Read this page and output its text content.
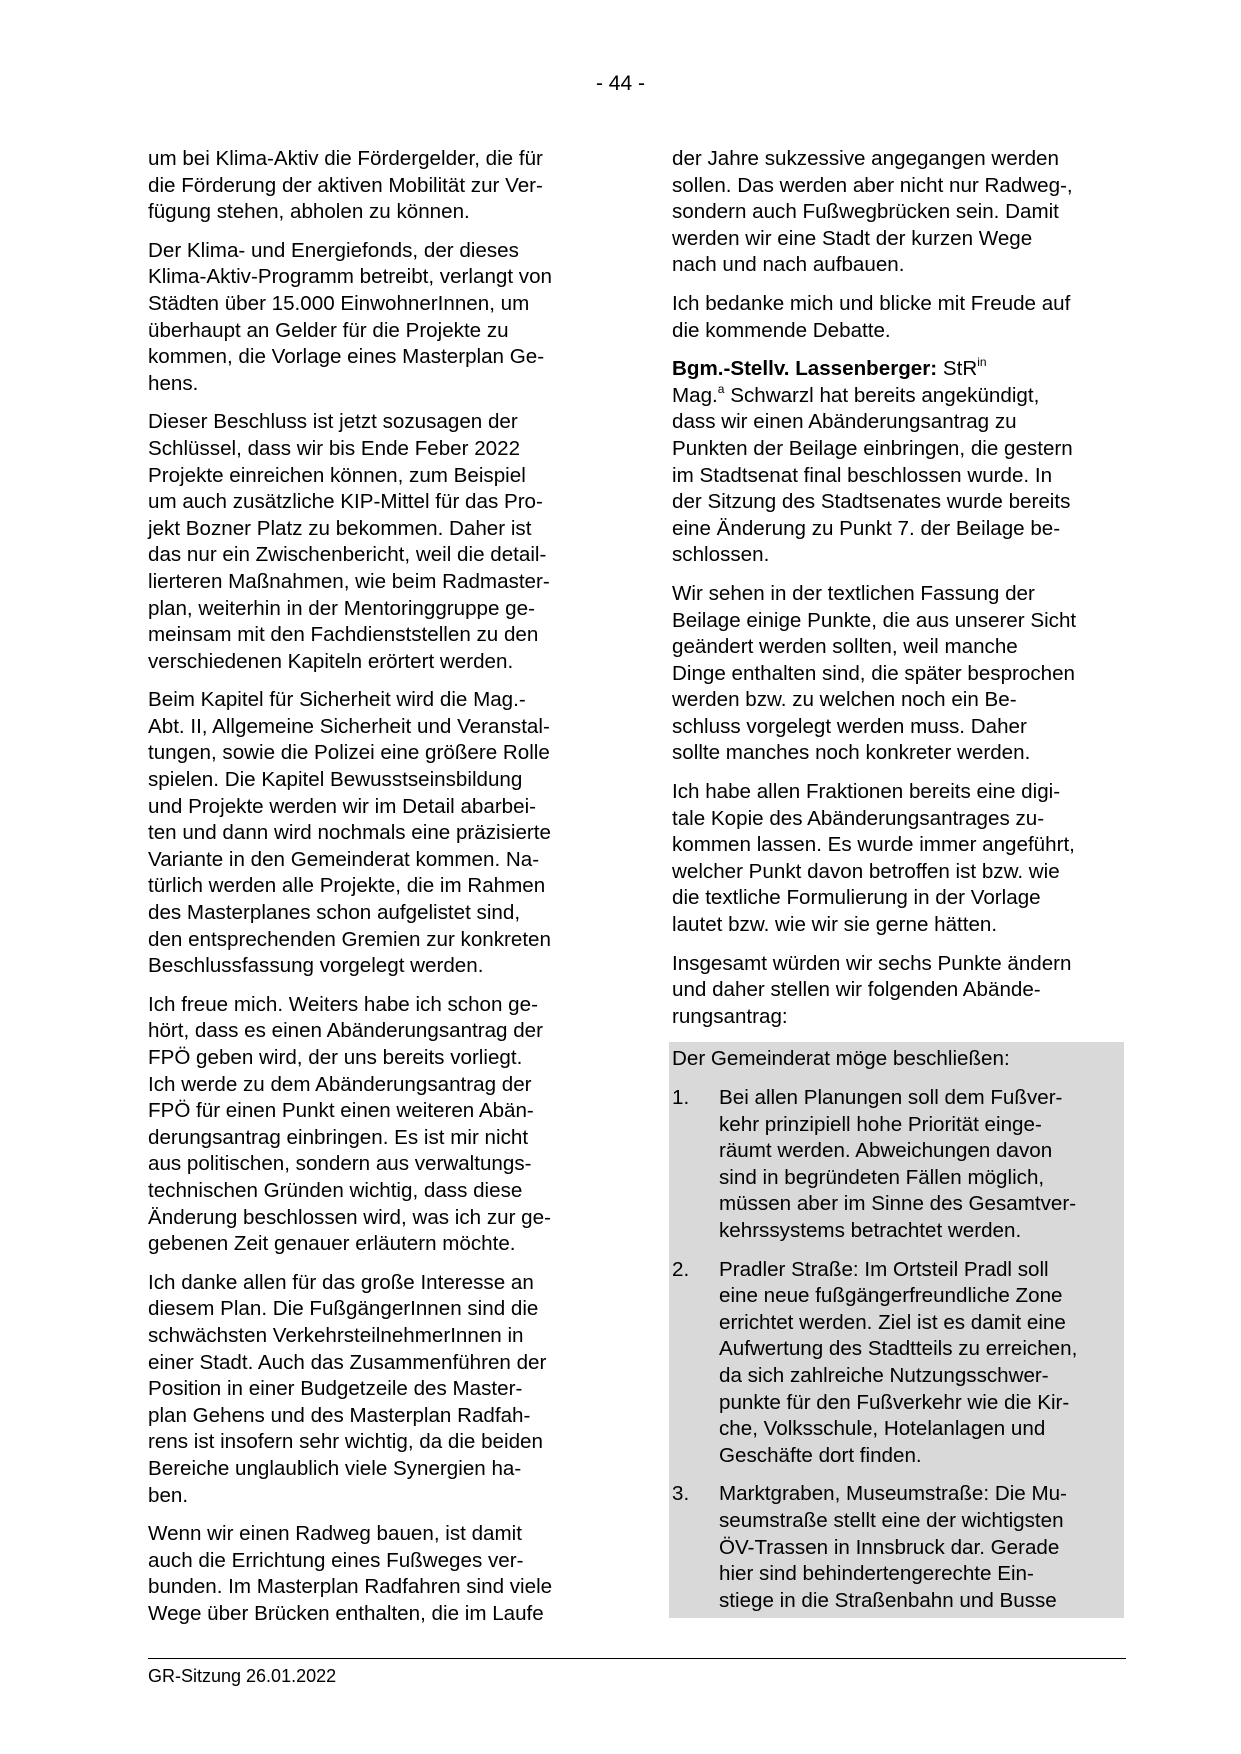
- 44 -
um bei Klima-Aktiv die Fördergelder, die für
die Förderung der aktiven Mobilität zur Ver-
fügung stehen, abholen zu können.
Der Klima- und Energiefonds, der dieses
Klima-Aktiv-Programm betreibt, verlangt von
Städten über 15.000 EinwohnerInnen, um
überhaupt an Gelder für die Projekte zu
kommen, die Vorlage eines Masterplan Ge-
hens.
Dieser Beschluss ist jetzt sozusagen der
Schlüssel, dass wir bis Ende Feber 2022
Projekte einreichen können, zum Beispiel
um auch zusätzliche KIP-Mittel für das Pro-
jekt Bozner Platz zu bekommen. Daher ist
das nur ein Zwischenbericht, weil die detail-
lierteren Maßnahmen, wie beim Radmaster-
plan, weiterhin in der Mentoringgruppe ge-
meinsam mit den Fachdienststellen zu den
verschiedenen Kapiteln erörtert werden.
Beim Kapitel für Sicherheit wird die Mag.-
Abt. II, Allgemeine Sicherheit und Veranstal-
tungen, sowie die Polizei eine größere Rolle
spielen. Die Kapitel Bewusstseinsbildung
und Projekte werden wir im Detail abarbei-
ten und dann wird nochmals eine präzisierte
Variante in den Gemeinderat kommen. Na-
türlich werden alle Projekte, die im Rahmen
des Masterplanes schon aufgelistet sind,
den entsprechenden Gremien zur konkreten
Beschlussfassung vorgelegt werden.
Ich freue mich. Weiters habe ich schon ge-
hört, dass es einen Abänderungsantrag der
FPÖ geben wird, der uns bereits vorliegt.
Ich werde zu dem Abänderungsantrag der
FPÖ für einen Punkt einen weiteren Abän-
derungsantrag einbringen. Es ist mir nicht
aus politischen, sondern aus verwaltungs-
technischen Gründen wichtig, dass diese
Änderung beschlossen wird, was ich zur ge-
gebenen Zeit genauer erläutern möchte.
Ich danke allen für das große Interesse an
diesem Plan. Die FußgängerInnen sind die
schwächsten VerkehrsteilnehmerInnen in
einer Stadt. Auch das Zusammenführen der
Position in einer Budgetzeile des Master-
plan Gehens und des Masterplan Radfah-
rens ist insofern sehr wichtig, da die beiden
Bereiche unglaublich viele Synergien ha-
ben.
Wenn wir einen Radweg bauen, ist damit
auch die Errichtung eines Fußweges ver-
bunden. Im Masterplan Radfahren sind viele
Wege über Brücken enthalten, die im Laufe
der Jahre sukzessive angegangen werden
sollen. Das werden aber nicht nur Radweg-,
sondern auch Fußwegbrücken sein. Damit
werden wir eine Stadt der kurzen Wege
nach und nach aufbauen.
Ich bedanke mich und blicke mit Freude auf
die kommende Debatte.
Bgm.-Stellv. Lassenberger: StR$^{in}$
Mag.$^a$ Schwarzl hat bereits angekündigt,
dass wir einen Abänderungsantrag zu
Punkten der Beilage einbringen, die gestern
im Stadtsenat final beschlossen wurde. In
der Sitzung des Stadtsenates wurde bereits
eine Änderung zu Punkt 7. der Beilage be-
schlossen.
Wir sehen in der textlichen Fassung der
Beilage einige Punkte, die aus unserer Sicht
geändert werden sollten, weil manche
Dinge enthalten sind, die später besprochen
werden bzw. zu welchen noch ein Be-
schluss vorgelegt werden muss. Daher
sollte manches noch konkreter werden.
Ich habe allen Fraktionen bereits eine digi-
tale Kopie des Abänderungsantrages zu-
kommen lassen. Es wurde immer angeführt,
welcher Punkt davon betroffen ist bzw. wie
die textliche Formulierung in der Vorlage
lautet bzw. wie wir sie gerne hätten.
Insgesamt würden wir sechs Punkte ändern
und daher stellen wir folgenden Abände-
rungsantrag:
Der Gemeinderat möge beschließen:
1.	Bei allen Planungen soll dem Fußver-
kehr prinzipiell hohe Priorität einge-
räumt werden. Abweichungen davon
sind in begründeten Fällen möglich,
müssen aber im Sinne des Gesamtver-
kehrssystems betrachtet werden.
2.	Pradler Straße: Im Ortsteil Pradl soll
eine neue fußgängerfreundliche Zone
errichtet werden. Ziel ist es damit eine
Aufwertung des Stadtteils zu erreichen,
da sich zahlreiche Nutzungsschwer-
punkte für den Fußverkehr wie die Kir-
che, Volksschule, Hotelanlagen und
Geschäfte dort finden.
3.	Marktgraben, Museumstraße: Die Mu-
seumstraße stellt eine der wichtigsten
ÖV-Trassen in Innsbruck dar. Gerade
hier sind behindertengerechte Ein-
stiege in die Straßenbahn und Busse
GR-Sitzung 26.01.2022
